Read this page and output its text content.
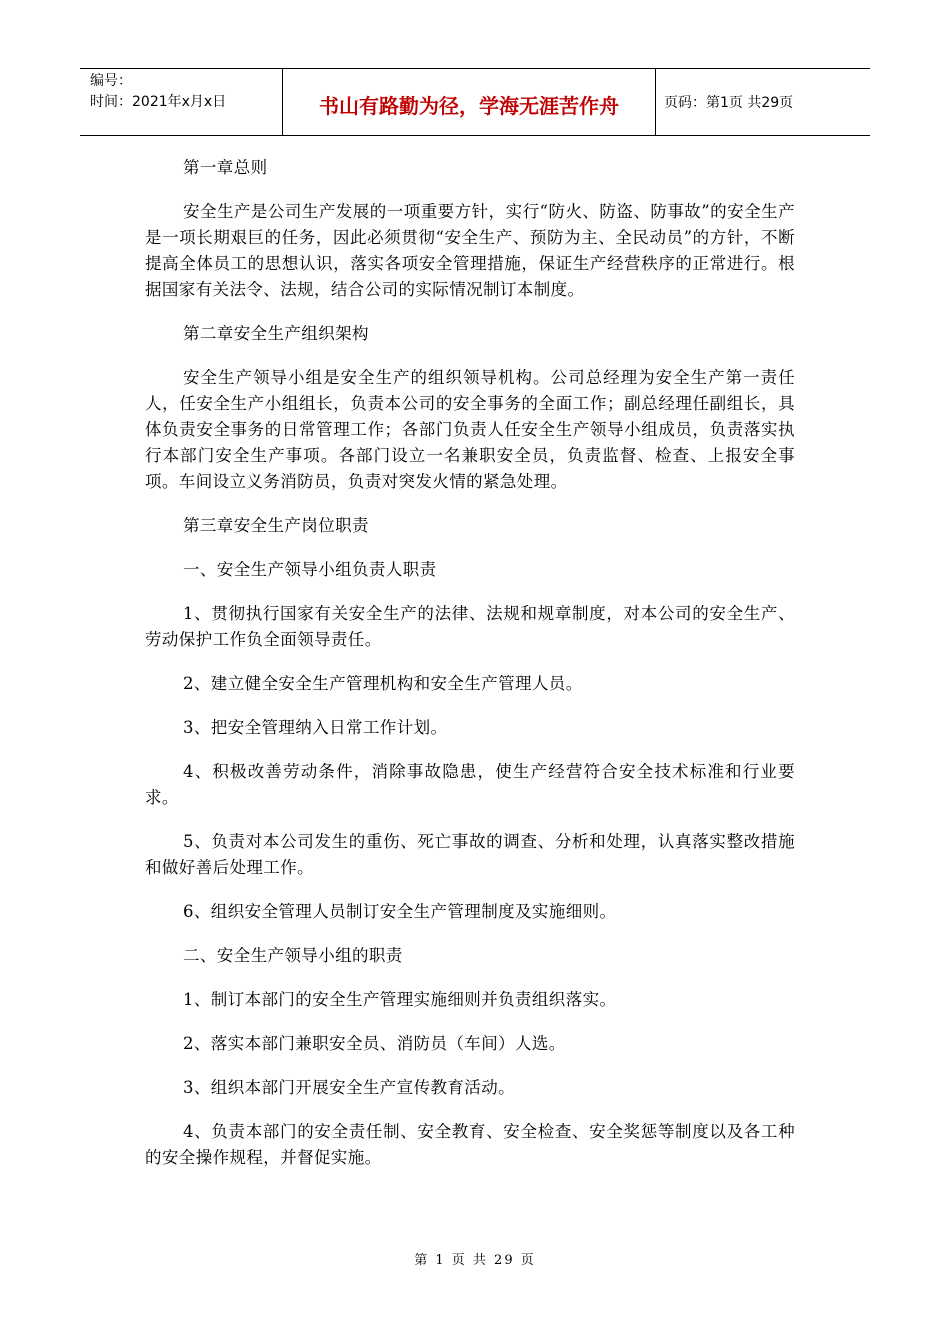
编号：
时间：2021年x月x日	书山有路勤为径，学海无涯苦作舟	页码：第1页 共29页

第一章总则

安全生产是公司生产发展的一项重要方针，实行“防火、防盗、防事故”的安全生产是一项长期艰巨的任务，因此必须贯彻“安全生产、预防为主、全民动员”的方针，不断提高全体员工的思想认识，落实各项安全管理措施，保证生产经营秩序的正常进行。根据国家有关法令、法规，结合公司的实际情况制订本制度。

第二章安全生产组织架构

安全生产领导小组是安全生产的组织领导机构。公司总经理为安全生产第一责任人，任安全生产小组组长，负责本公司的安全事务的全面工作；副总经理任副组长，具体负责安全事务的日常管理工作；各部门负责人任安全生产领导小组成员，负责落实执行本部门安全生产事项。各部门设立一名兼职安全员，负责监督、检查、上报安全事项。车间设立义务消防员，负责对突发火情的紧急处理。

第三章安全生产岗位职责

一、安全生产领导小组负责人职责

1、贯彻执行国家有关安全生产的法律、法规和规章制度，对本公司的安全生产、劳动保护工作负全面领导责任。

2、建立健全安全生产管理机构和安全生产管理人员。

3、把安全管理纳入日常工作计划。

4、积极改善劳动条件，消除事故隐患，使生产经营符合安全技术标准和行业要求。

5、负责对本公司发生的重伤、死亡事故的调查、分析和处理，认真落实整改措施和做好善后处理工作。

6、组织安全管理人员制订安全生产管理制度及实施细则。

二、安全生产领导小组的职责

1、制订本部门的安全生产管理实施细则并负责组织落实。

2、落实本部门兼职安全员、消防员（车间）人选。

3、组织本部门开展安全生产宣传教育活动。

4、负责本部门的安全责任制、安全教育、安全检查、安全奖惩等制度以及各工种的安全操作规程，并督促实施。

第 1 页 共 29 页
